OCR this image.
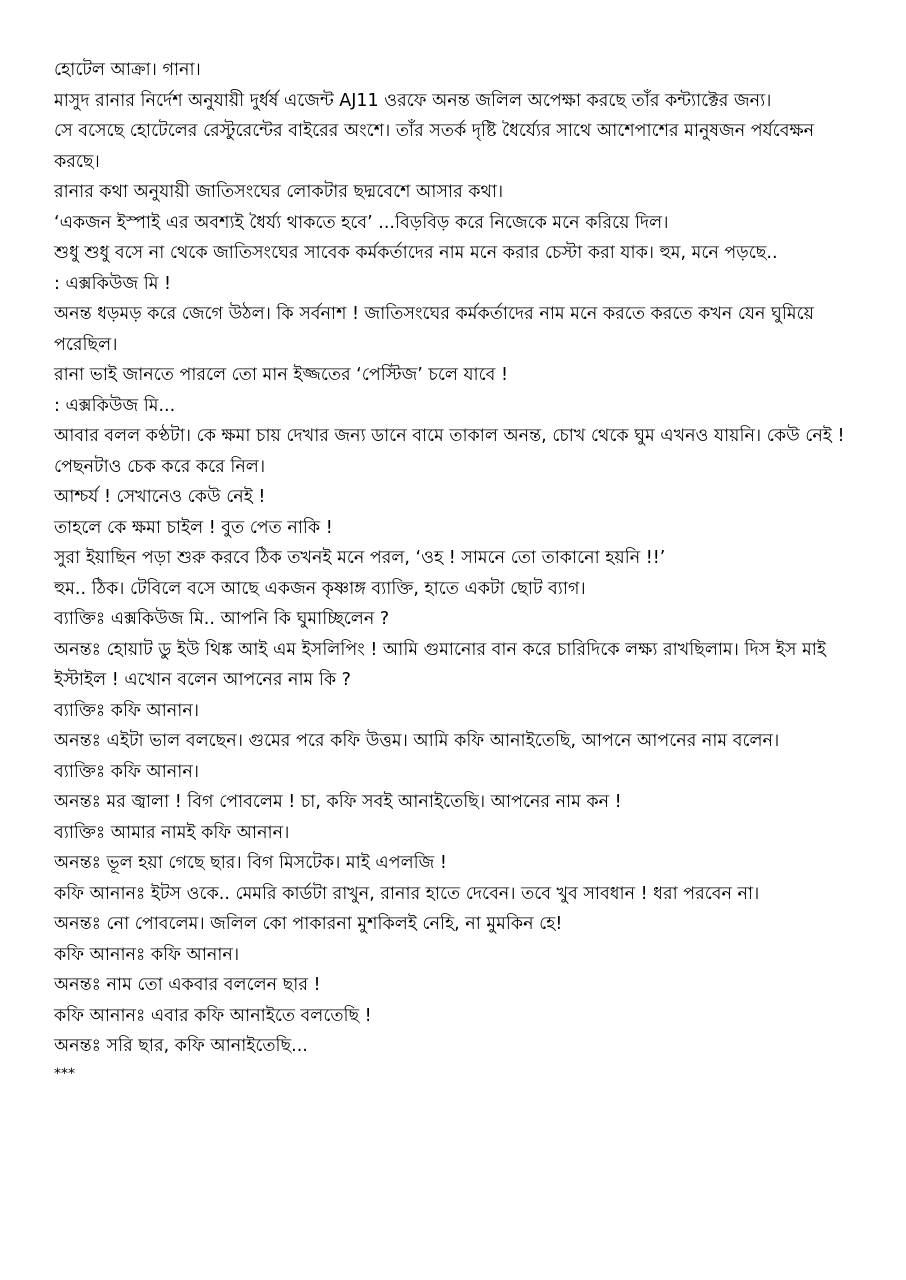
হোটেল আক্রা। গানা।

মাসুদ রানার নির্দেশ অনুযায়ী দুর্ধর্ষ এজেন্ট AJ11 ওরফে অনন্ত জলিল অপেক্ষা করছে তাঁর কন্ট্যাক্টের জন্য।

সে বসেছে হোটেলের রেস্টুরেন্টের বাইরের অংশে। তাঁর সতর্ক দৃষ্টি ধৈর্য্যের সাথে আশেপাশের মানুষজন পর্যবেক্ষন করছে।

রানার কথা অনুযায়ী জাতিসংঘের লোকটার ছদ্মবেশে আসার কথা।

‘একজন ইস্পাই এর অবশ্যই ধৈর্য্য থাকতে হবে’ ...বিড়বিড় করে নিজেকে মনে করিয়ে দিল।

শুধু শুধু বসে না থেকে জাতিসংঘের সাবেক কর্মকর্তাদের নাম মনে করার চেস্টা করা যাক। হুম, মনে পড়ছে..

: এক্সকিউজ মি !

অনন্ত ধড়মড় করে জেগে উঠল। কি সর্বনাশ ! জাতিসংঘের কর্মকর্তাদের নাম মনে করতে করতে কখন যেন ঘুমিয়ে পরেছিল।

রানা ভাই জানতে পারলে তো মান ইজ্জতের ‘পেস্টিজ’ চলে যাবে !

: এক্সকিউজ মি...

আবার বলল কণ্ঠটা। কে ক্ষমা চায় দেখার জন্য ডানে বামে তাকাল অনন্ত, চোখ থেকে ঘুম এখনও যায়নি। কেউ নেই !

পেছনটাও চেক করে করে নিল।

আশ্চর্য ! সেখানেও কেউ নেই !

তাহলে কে ক্ষমা চাইল ! বুত পেত নাকি !

সুরা ইয়াছিন পড়া শুরু করবে ঠিক তখনই মনে পরল, ‘ওহ ! সামনে তো তাকানো হয়নি !!’

হুম.. ঠিক। টেবিলে বসে আছে একজন কৃষ্ণাঙ্গ ব্যাক্তি, হাতে একটা ছোট ব্যাগ।

ব্যাক্তিঃ এক্সকিউজ মি.. আপনি কি ঘুমাচ্ছিলেন ?

অনন্তঃ হোয়াট ডু ইউ থিঙ্ক আই এম ইসলিপিং ! আমি গুমানোর বান করে চারিদিকে লক্ষ্য রাখছিলাম। দিস ইস মাই ইস্টাইল ! এখোন বলেন আপনের নাম কি ?

ব্যাক্তিঃ কফি আনান।

অনন্তঃ এইটা ভাল বলছেন। গুমের পরে কফি উত্তম। আমি কফি আনাইতেছি, আপনে আপনের নাম বলেন।

ব্যাক্তিঃ কফি আনান।

অনন্তঃ মর জ্বালা ! বিগ পোবলেম ! চা, কফি সবই আনাইতেছি। আপনের নাম কন !

ব্যাক্তিঃ আমার নামই কফি আনান।

অনন্তঃ ভূল হয়া গেছে ছার। বিগ মিসটেক। মাই এপলজি !

কফি আনানঃ ইটস ওকে.. মেমরি কার্ডটা রাখুন, রানার হাতে দেবেন। তবে খুব সাবধান ! ধরা পরবেন না।

অনন্তঃ নো পোবলেম। জলিল কো পাকারনা মুশকিলই নেহি, না মুমকিন হে!

কফি আনানঃ কফি আনান।

অনন্তঃ নাম তো একবার বললেন ছার !

কফি আনানঃ এবার কফি আনাইতে বলতেছি !

অনন্তঃ সরি ছার, কফি আনাইতেছি...

***
